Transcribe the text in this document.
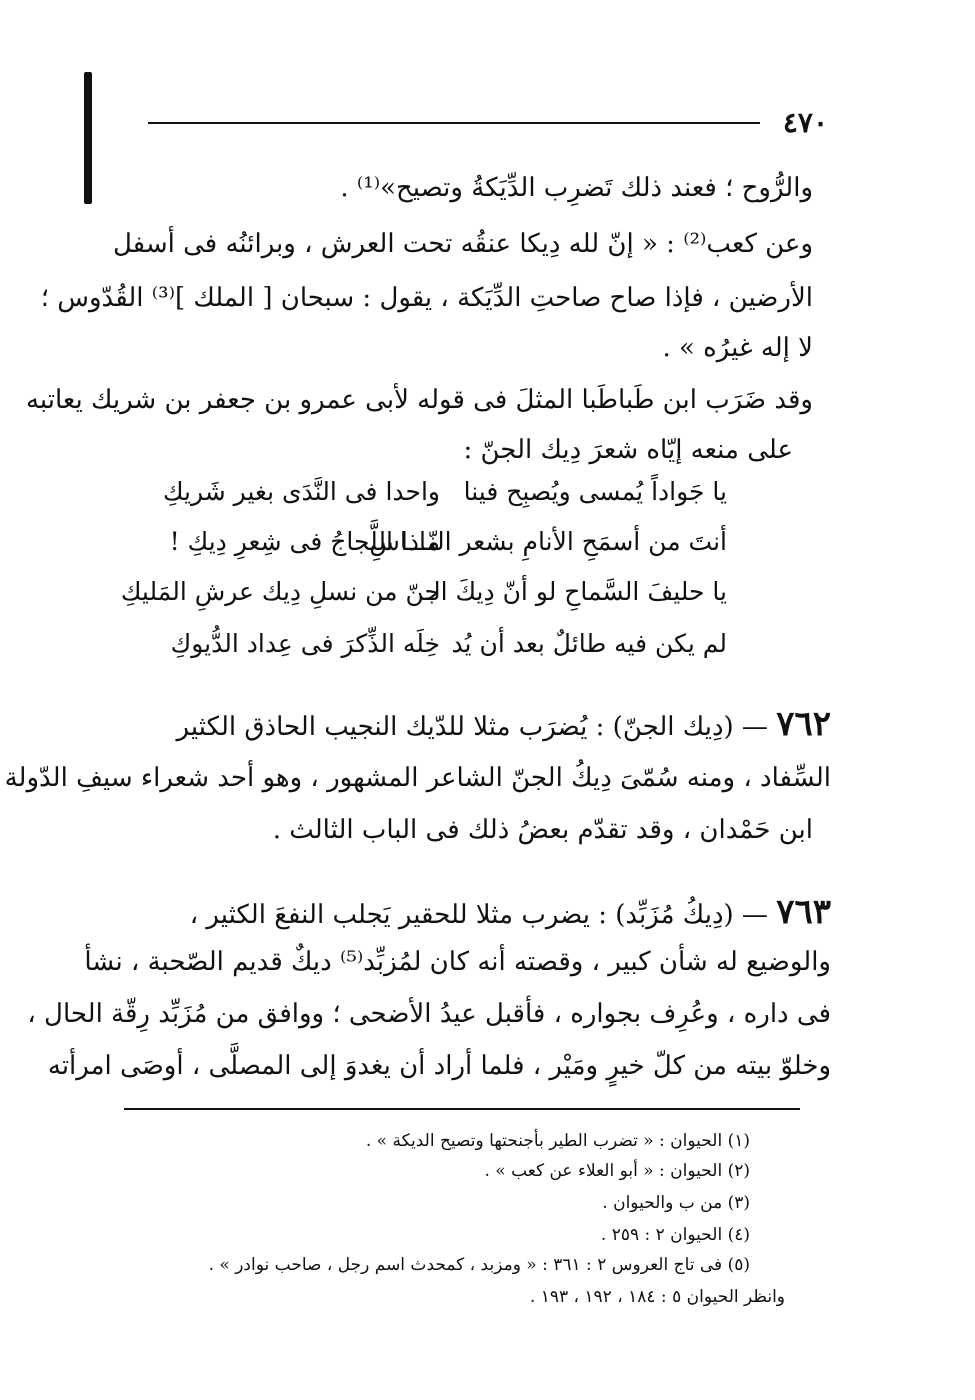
٤٧٠
والرُّوح ؛ فعند ذلك تَضرِب الدِّيَكةُ وتصيح»⁽¹⁾ .
وعن كعب⁽²⁾ : « إنّ لله دِيكا عنقُه تحت العرش ، وبرائنُه فى أسفل
الأرضين ، فإذا صاح صاحتِ الدِّيَكة ، يقول : سبحان [ الملك ]⁽³⁾ القُدّوس ؛
لا إله غيرُه » .
وقد ضَرَب ابن طَباطَبا المثلَ فى قوله لأبى عمرو بن جعفر بن شريك يعاتبه
على منعه إيّاه شعرَ دِيك الجنّ :
يا جَواداً يُمسى ويُصبِح فينا
واحدا فى النَّدَى بغير شَريكِ
أنتَ من أسمَحِ الأنامِ بشعر النّـــاسِ
ماذا اللَّجاجُ فى شِعرِ دِيكِ !
يا حليفَ السَّماحِ لو أنّ دِيكَ الـ
جنّ من نسلِ دِيك عرشِ المَليكِ
لم يكن فيه طائلٌ بعد أن يُد
خِلَه الذِّكرَ فى عِداد الدُّيوكِ
٧٦٢ — (دِيك الجنّ) : يُضرَب مثلا للدّيك النجيب الحاذق الكثير
السِّفاد ، ومنه سُمّىَ دِيكُ الجنّ الشاعر المشهور ، وهو أحد شعراء سيفِ الدّولة
ابن حَمْدان ، وقد تقدّم بعضُ ذلك فى الباب الثالث .
٧٦٣ — (دِيكُ مُزَبِّد) : يضرب مثلا للحقير يَجلب النفعَ الكثير ،
والوضيع له شأن كبير ، وقصته أنه كان لمُزبِّد⁽⁵⁾ ديكٌ قديم الصّحبة ، نشأ
فى داره ، وعُرِف بجواره ، فأقبل عيدُ الأضحى ؛ ووافق من مُزَبِّد رِقّة الحال ،
وخلوّ بيته من كلّ خيرٍ ومَيْر ، فلما أراد أن يغدوَ إلى المصلَّى ، أوصَى امرأته
(١) الحيوان : « تضرب الطير بأجنحتها وتصيح الديكة » .
(٢) الحيوان : « أبو العلاء عن كعب » .
(٣) من ب والحيوان .
(٤) الحيوان ٢ : ٢٥٩ .
(٥) فى تاج العروس ٢ : ٣٦١ : « ومزبد ، كمحدث اسم رجل ، صاحب نوادر » .
وانظر الحيوان ٥ : ١٨٤ ، ١٩٢ ، ١٩٣ .
